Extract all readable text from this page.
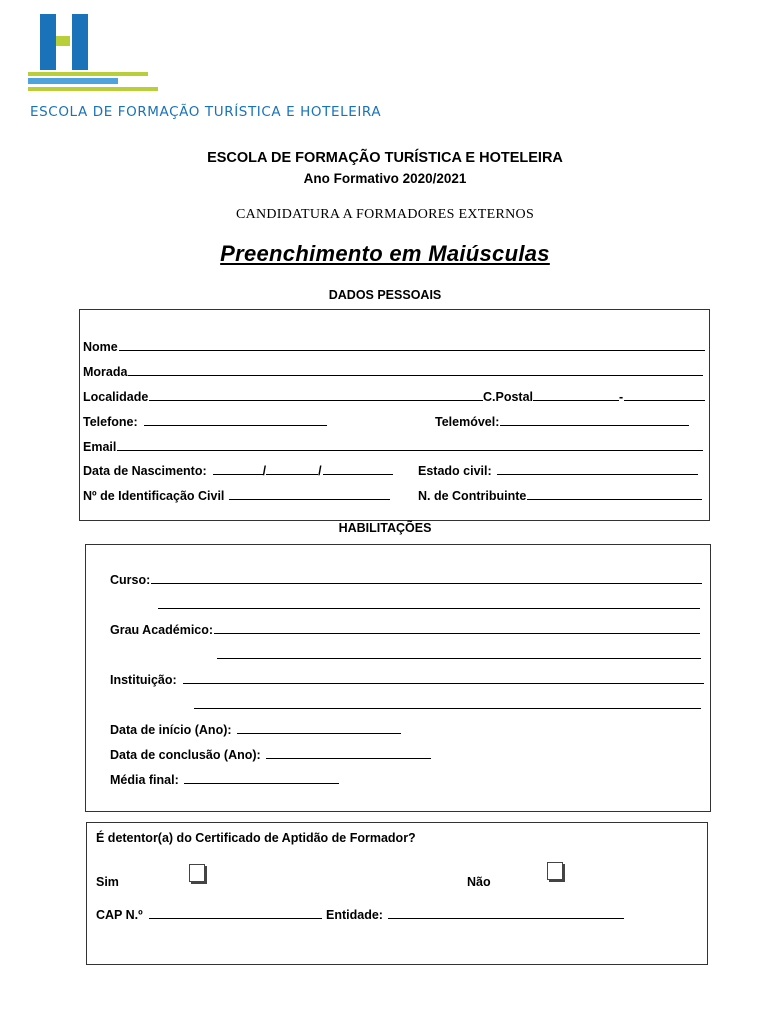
ESCOLA DE FORMAÇÃO TURÍSTICA E HOTELEIRA
ESCOLA DE FORMAÇÃO TURÍSTICA E HOTELEIRA
Ano Formativo 2020/2021
CANDIDATURA A FORMADORES EXTERNOS
Preenchimento em Maiúsculas
DADOS PESSOAIS
Nome
Morada
Localidade	C.Postal	-
Telefone:	Telemóvel:
Email
Data de Nascimento:	/	/	Estado civil:
Nº de Identificação Civil	N. de Contribuinte
HABILITAÇÕES
Curso:
Grau Académico:
Instituição:
Data de início (Ano):
Data de conclusão (Ano):
Média final:
É detentor(a) do Certificado de Aptidão de Formador?
Sim	Não
CAP N.º	Entidade:
